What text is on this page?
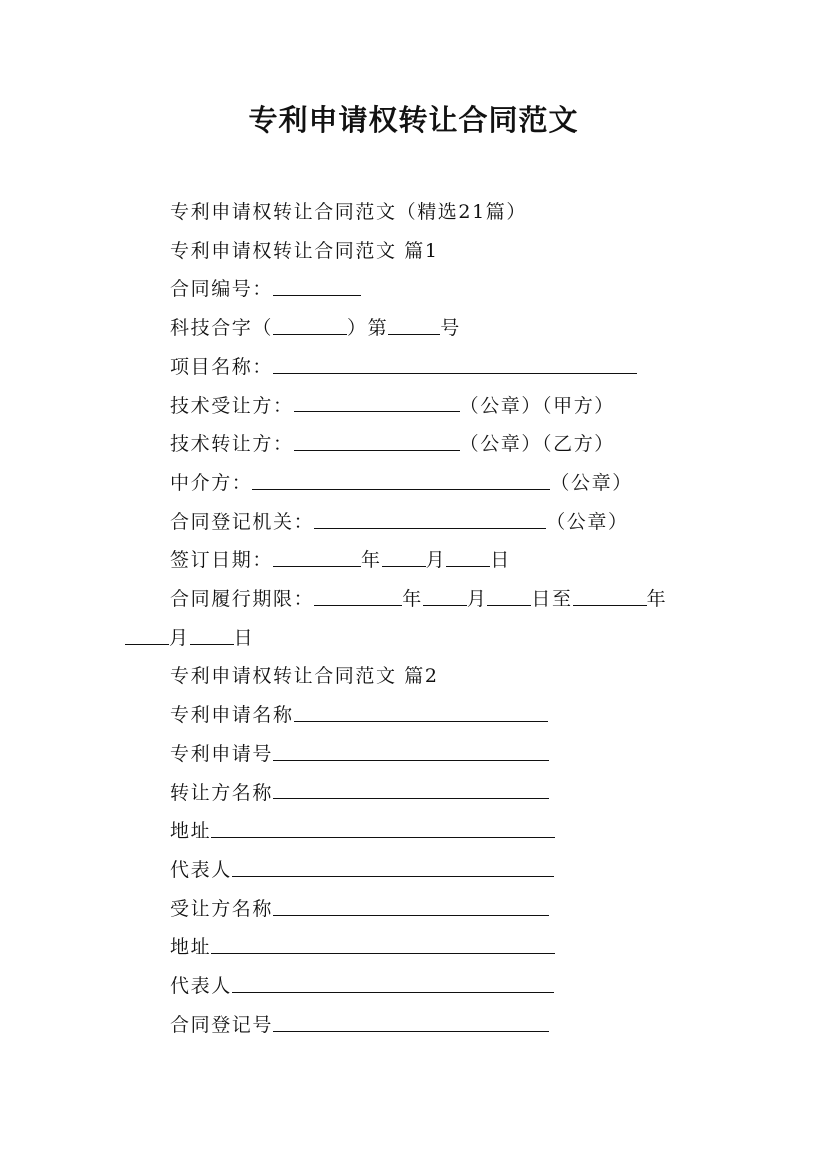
专利申请权转让合同范文
专利申请权转让合同范文（精选21篇）
专利申请权转让合同范文 篇1
合同编号：
科技合字（	）第	号
项目名称：
技术受让方：	（公章）（甲方）
技术转让方：	（公章）（乙方）
中介方：	（公章）
合同登记机关：	（公章）
签订日期：	年 月 日
合同履行期限：	年 月 日至	年
月 日
专利申请权转让合同范文 篇2
专利申请名称
专利申请号
转让方名称
地址
代表人
受让方名称
地址
代表人
合同登记号
